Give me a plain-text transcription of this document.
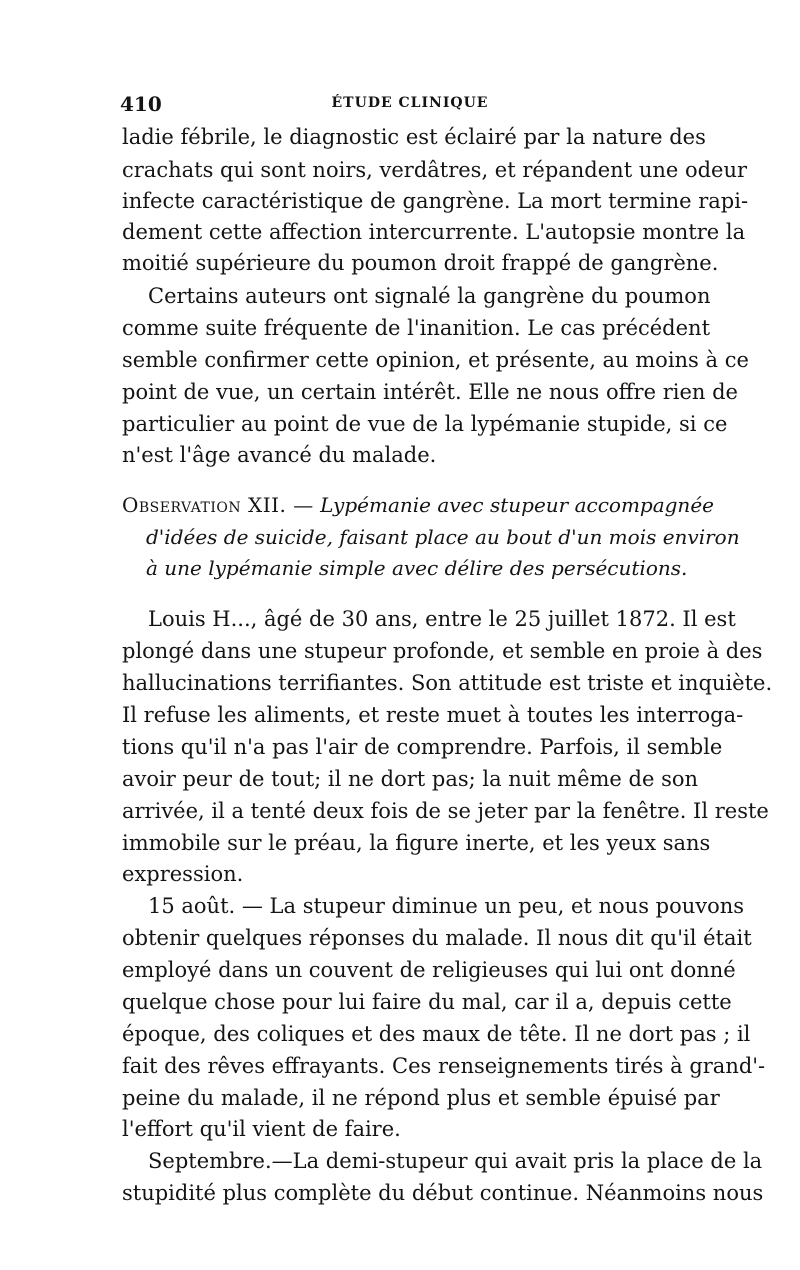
410	ÉTUDE CLINIQUE
ladie fébrile, le diagnostic est éclairé par la nature des
crachats qui sont noirs, verdâtres, et répandent une odeur
infecte caractéristique de gangrène. La mort termine rapi-
dement cette affection intercurrente. L'autopsie montre la
moitié supérieure du poumon droit frappé de gangrène.
Certains auteurs ont signalé la gangrène du poumon
comme suite fréquente de l'inanition. Le cas précédent
semble confirmer cette opinion, et présente, au moins à ce
point de vue, un certain intérêt. Elle ne nous offre rien de
particulier au point de vue de la lypémanie stupide, si ce
n'est l'âge avancé du malade.
Observation XII. — Lypémanie avec stupeur accompagnée
d'idées de suicide, faisant place au bout d'un mois environ
à une lypémanie simple avec délire des persécutions.
Louis H..., âgé de 30 ans, entre le 25 juillet 1872. Il est
plongé dans une stupeur profonde, et semble en proie à des
hallucinations terrifiantes. Son attitude est triste et inquiète.
Il refuse les aliments, et reste muet à toutes les interroga-
tions qu'il n'a pas l'air de comprendre. Parfois, il semble
avoir peur de tout; il ne dort pas; la nuit même de son
arrivée, il a tenté deux fois de se jeter par la fenêtre. Il reste
immobile sur le préau, la figure inerte, et les yeux sans
expression.
15 août. — La stupeur diminue un peu, et nous pouvons
obtenir quelques réponses du malade. Il nous dit qu'il était
employé dans un couvent de religieuses qui lui ont donné
quelque chose pour lui faire du mal, car il a, depuis cette
époque, des coliques et des maux de tête. Il ne dort pas ; il
fait des rêves effrayants. Ces renseignements tirés à grand'-
peine du malade, il ne répond plus et semble épuisé par
l'effort qu'il vient de faire.
Septembre.—La demi-stupeur qui avait pris la place de la
stupidité plus complète du début continue. Néanmoins nous
